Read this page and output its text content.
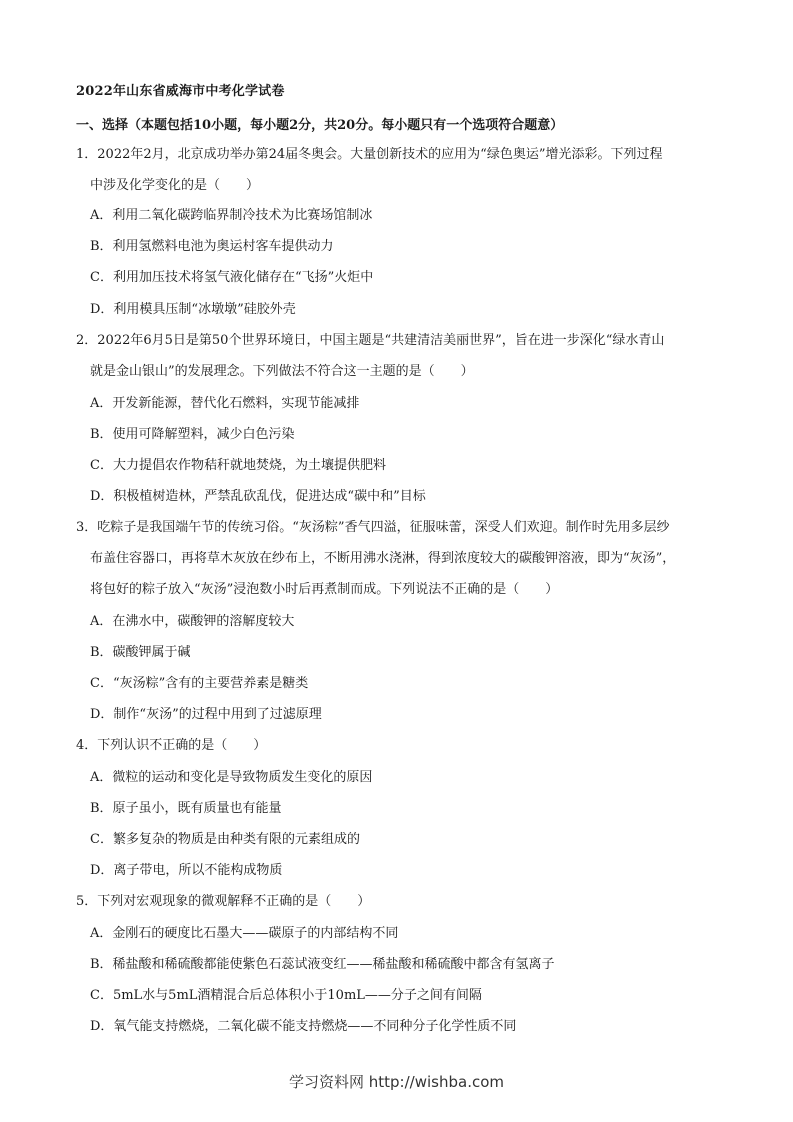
2022年山东省威海市中考化学试卷
一、选择（本题包括10小题，每小题2分，共20分。每小题只有一个选项符合题意）
1．2022年2月，北京成功举办第24届冬奥会。大量创新技术的应用为“绿色奥运”增光添彩。下列过程
中涉及化学变化的是（　　）
A．利用二氧化碳跨临界制冷技术为比赛场馆制冰
B．利用氢燃料电池为奥运村客车提供动力
C．利用加压技术将氢气液化储存在“飞扬”火炬中
D．利用模具压制“冰墩墩”硅胶外壳
2．2022年6月5日是第50个世界环境日，中国主题是“共建清洁美丽世界”，旨在进一步深化“绿水青山
就是金山银山”的发展理念。下列做法不符合这一主题的是（　　）
A．开发新能源，替代化石燃料，实现节能减排
B．使用可降解塑料，减少白色污染
C．大力提倡农作物秸秆就地焚烧，为土壤提供肥料
D．积极植树造林，严禁乱砍乱伐，促进达成“碳中和”目标
3．吃粽子是我国端午节的传统习俗。“灰汤粽”香气四溢，征服味蕾，深受人们欢迎。制作时先用多层纱
布盖住容器口，再将草木灰放在纱布上，不断用沸水浇淋，得到浓度较大的碳酸钾溶液，即为“灰汤”，
将包好的粽子放入“灰汤”浸泡数小时后再煮制而成。下列说法不正确的是（　　）
A．在沸水中，碳酸钾的溶解度较大
B．碳酸钾属于碱
C．“灰汤粽”含有的主要营养素是糖类
D．制作“灰汤”的过程中用到了过滤原理
4．下列认识不正确的是（　　）
A．微粒的运动和变化是导致物质发生变化的原因
B．原子虽小，既有质量也有能量
C．繁多复杂的物质是由种类有限的元素组成的
D．离子带电，所以不能构成物质
5．下列对宏观现象的微观解释不正确的是（　　）
A．金刚石的硬度比石墨大——碳原子的内部结构不同
B．稀盐酸和稀硫酸都能使紫色石蕊试液变红——稀盐酸和稀硫酸中都含有氢离子
C．5mL水与5mL酒精混合后总体积小于10mL——分子之间有间隔
D．氧气能支持燃烧，二氧化碳不能支持燃烧——不同种分子化学性质不同
学习资料网 http://wishba.com
